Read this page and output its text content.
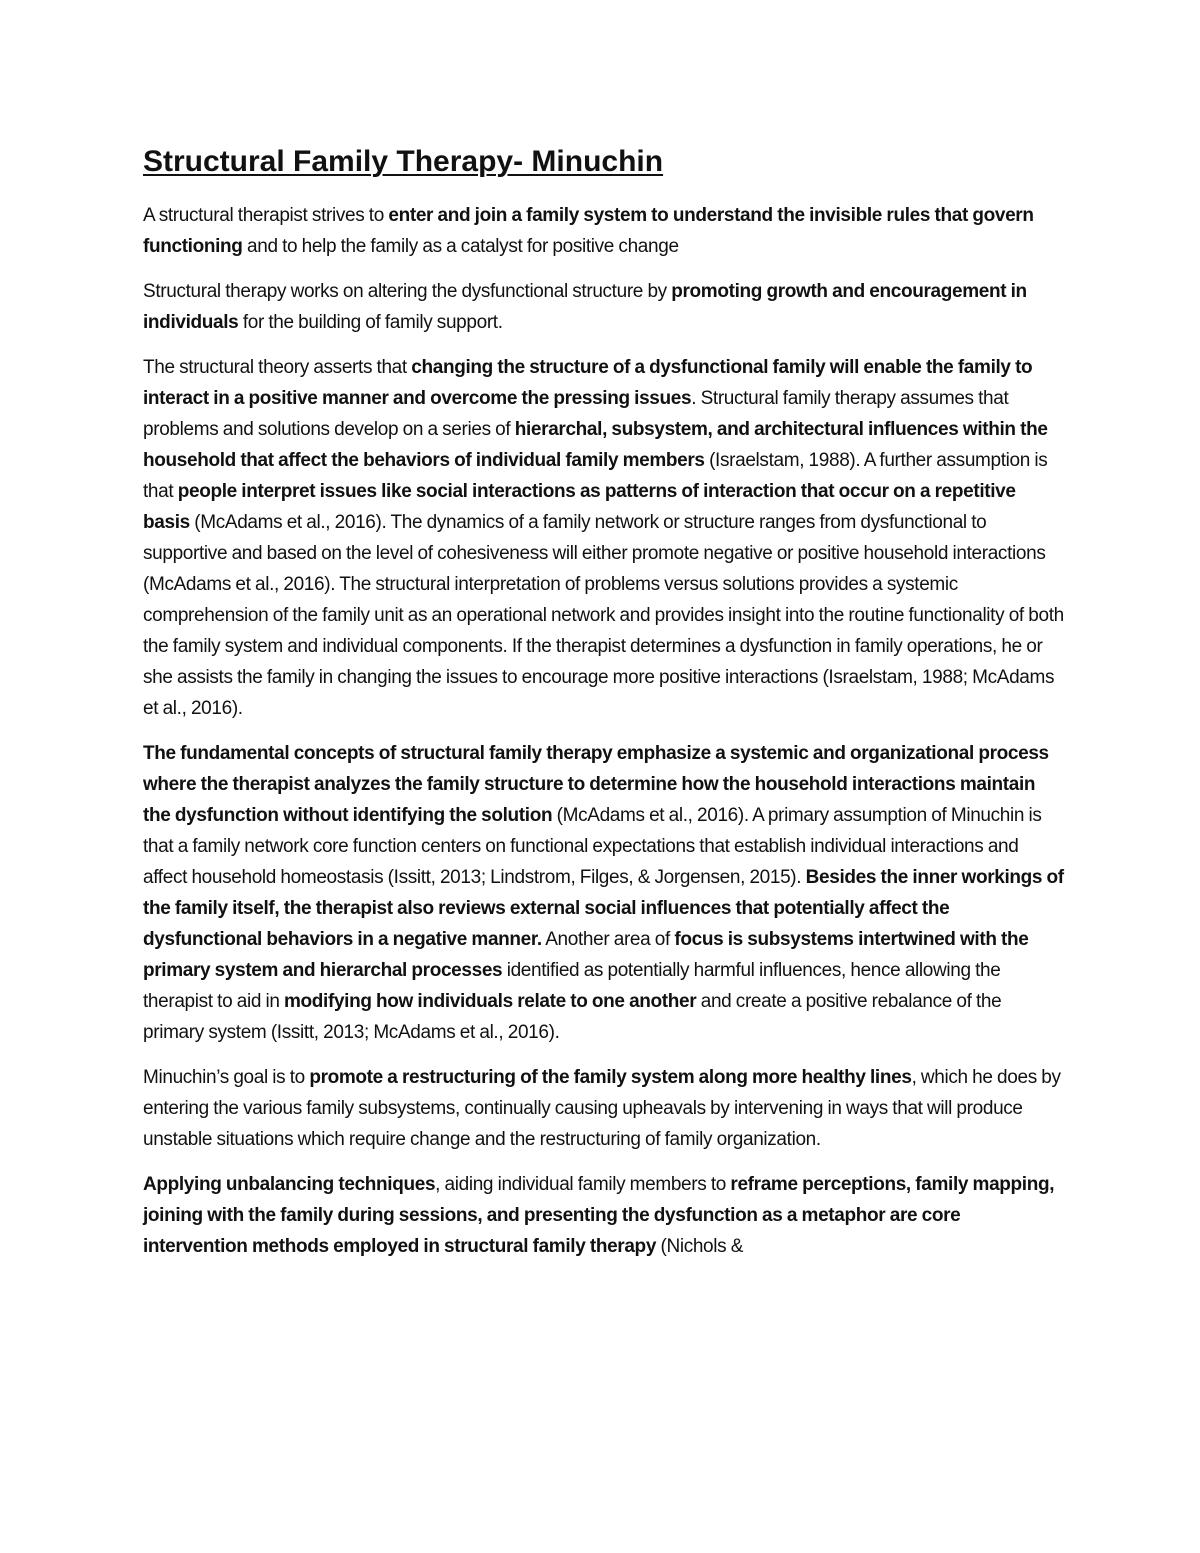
Structural Family Therapy- Minuchin

A structural therapist strives to enter and join a family system to understand the invisible rules that govern functioning and to help the family as a catalyst for positive change

Structural therapy works on altering the dysfunctional structure by promoting growth and encouragement in individuals for the building of family support.

The structural theory asserts that changing the structure of a dysfunctional family will enable the family to interact in a positive manner and overcome the pressing issues. Structural family therapy assumes that problems and solutions develop on a series of hierarchal, subsystem, and architectural influences within the household that affect the behaviors of individual family members (Israelstam, 1988). A further assumption is that people interpret issues like social interactions as patterns of interaction that occur on a repetitive basis (McAdams et al., 2016). The dynamics of a family network or structure ranges from dysfunctional to supportive and based on the level of cohesiveness will either promote negative or positive household interactions (McAdams et al., 2016). The structural interpretation of problems versus solutions provides a systemic comprehension of the family unit as an operational network and provides insight into the routine functionality of both the family system and individual components. If the therapist determines a dysfunction in family operations, he or she assists the family in changing the issues to encourage more positive interactions (Israelstam, 1988; McAdams et al., 2016).

The fundamental concepts of structural family therapy emphasize a systemic and organizational process where the therapist analyzes the family structure to determine how the household interactions maintain the dysfunction without identifying the solution (McAdams et al., 2016). A primary assumption of Minuchin is that a family network core function centers on functional expectations that establish individual interactions and affect household homeostasis (Issitt, 2013; Lindstrom, Filges, & Jorgensen, 2015). Besides the inner workings of the family itself, the therapist also reviews external social influences that potentially affect the dysfunctional behaviors in a negative manner. Another area of focus is subsystems intertwined with the primary system and hierarchal processes identified as potentially harmful influences, hence allowing the therapist to aid in modifying how individuals relate to one another and create a positive rebalance of the primary system (Issitt, 2013; McAdams et al., 2016).

Minuchin’s goal is to promote a restructuring of the family system along more healthy lines, which he does by entering the various family subsystems, continually causing upheavals by intervening in ways that will produce unstable situations which require change and the restructuring of family organization.

Applying unbalancing techniques, aiding individual family members to reframe perceptions, family mapping, joining with the family during sessions, and presenting the dysfunction as a metaphor are core intervention methods employed in structural family therapy (Nichols &
